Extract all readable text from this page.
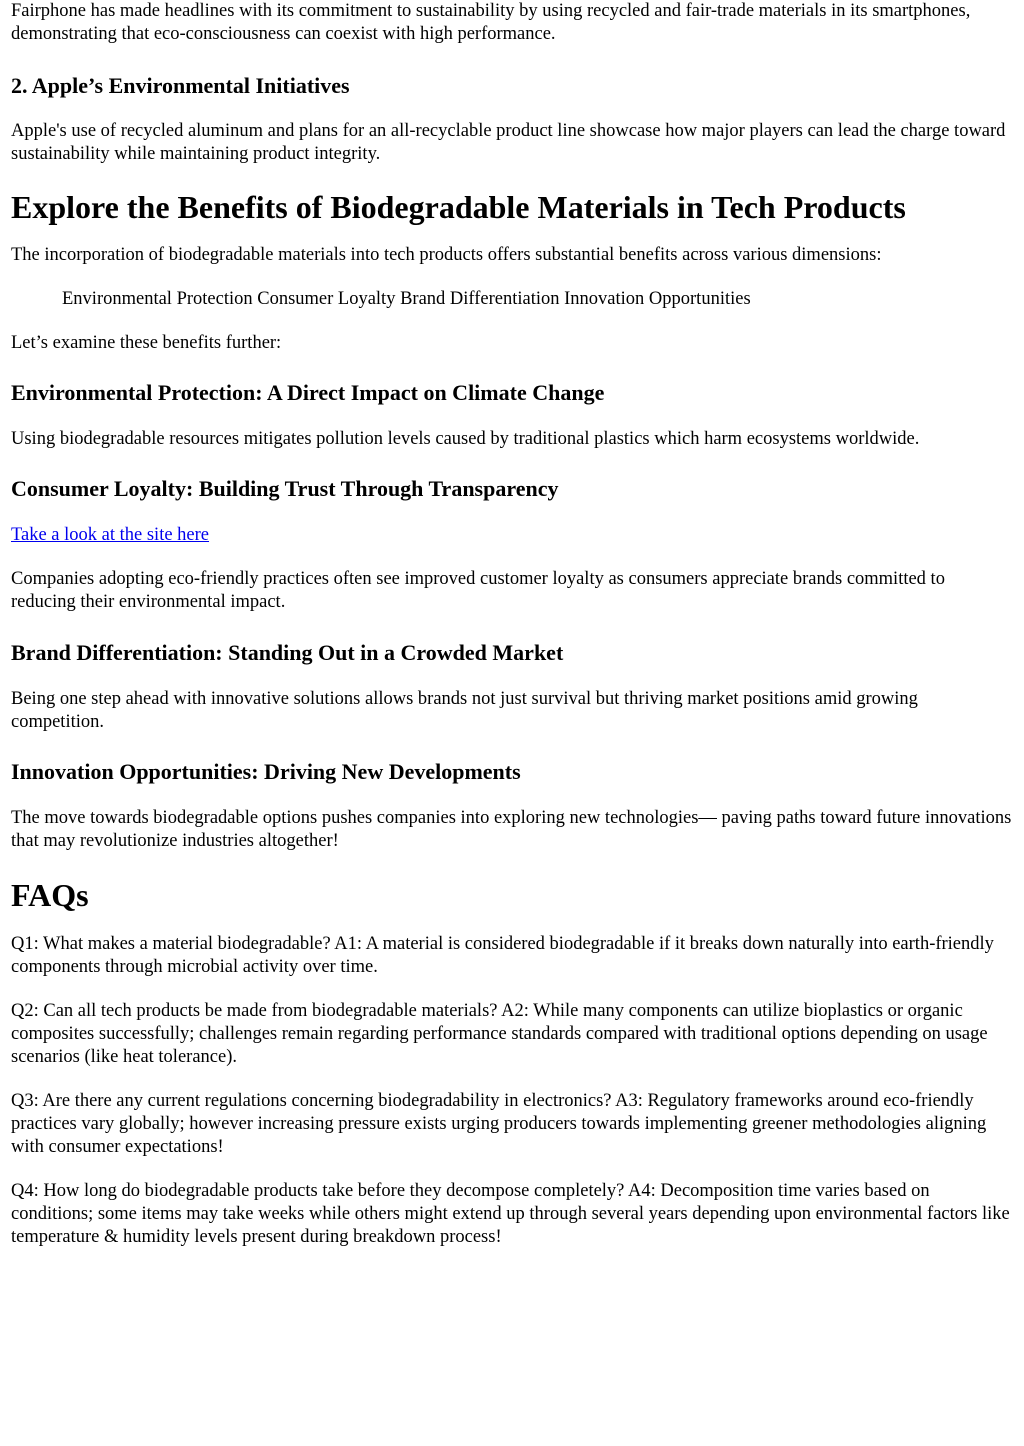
Fairphone has made headlines with its commitment to sustainability by using recycled and fair-trade materials in its smartphones, demonstrating that eco-consciousness can coexist with high performance.

2. Apple’s Environmental Initiatives

Apple's use of recycled aluminum and plans for an all-recyclable product line showcase how major players can lead the charge toward sustainability while maintaining product integrity.

Explore the Benefits of Biodegradable Materials in Tech Products

The incorporation of biodegradable materials into tech products offers substantial benefits across various dimensions:

Environmental Protection Consumer Loyalty Brand Differentiation Innovation Opportunities

Let’s examine these benefits further:

Environmental Protection: A Direct Impact on Climate Change

Using biodegradable resources mitigates pollution levels caused by traditional plastics which harm ecosystems worldwide.

Consumer Loyalty: Building Trust Through Transparency

Take a look at the site here

Companies adopting eco-friendly practices often see improved customer loyalty as consumers appreciate brands committed to reducing their environmental impact.

Brand Differentiation: Standing Out in a Crowded Market

Being one step ahead with innovative solutions allows brands not just survival but thriving market positions amid growing competition.

Innovation Opportunities: Driving New Developments

The move towards biodegradable options pushes companies into exploring new technologies— paving paths toward future innovations that may revolutionize industries altogether!

FAQs

Q1: What makes a material biodegradable? A1: A material is considered biodegradable if it breaks down naturally into earth-friendly components through microbial activity over time.

Q2: Can all tech products be made from biodegradable materials? A2: While many components can utilize bioplastics or organic composites successfully; challenges remain regarding performance standards compared with traditional options depending on usage scenarios (like heat tolerance).

Q3: Are there any current regulations concerning biodegradability in electronics? A3: Regulatory frameworks around eco-friendly practices vary globally; however increasing pressure exists urging producers towards implementing greener methodologies aligning with consumer expectations!

Q4: How long do biodegradable products take before they decompose completely? A4: Decomposition time varies based on conditions; some items may take weeks while others might extend up through several years depending upon environmental factors like temperature & humidity levels present during breakdown process!
